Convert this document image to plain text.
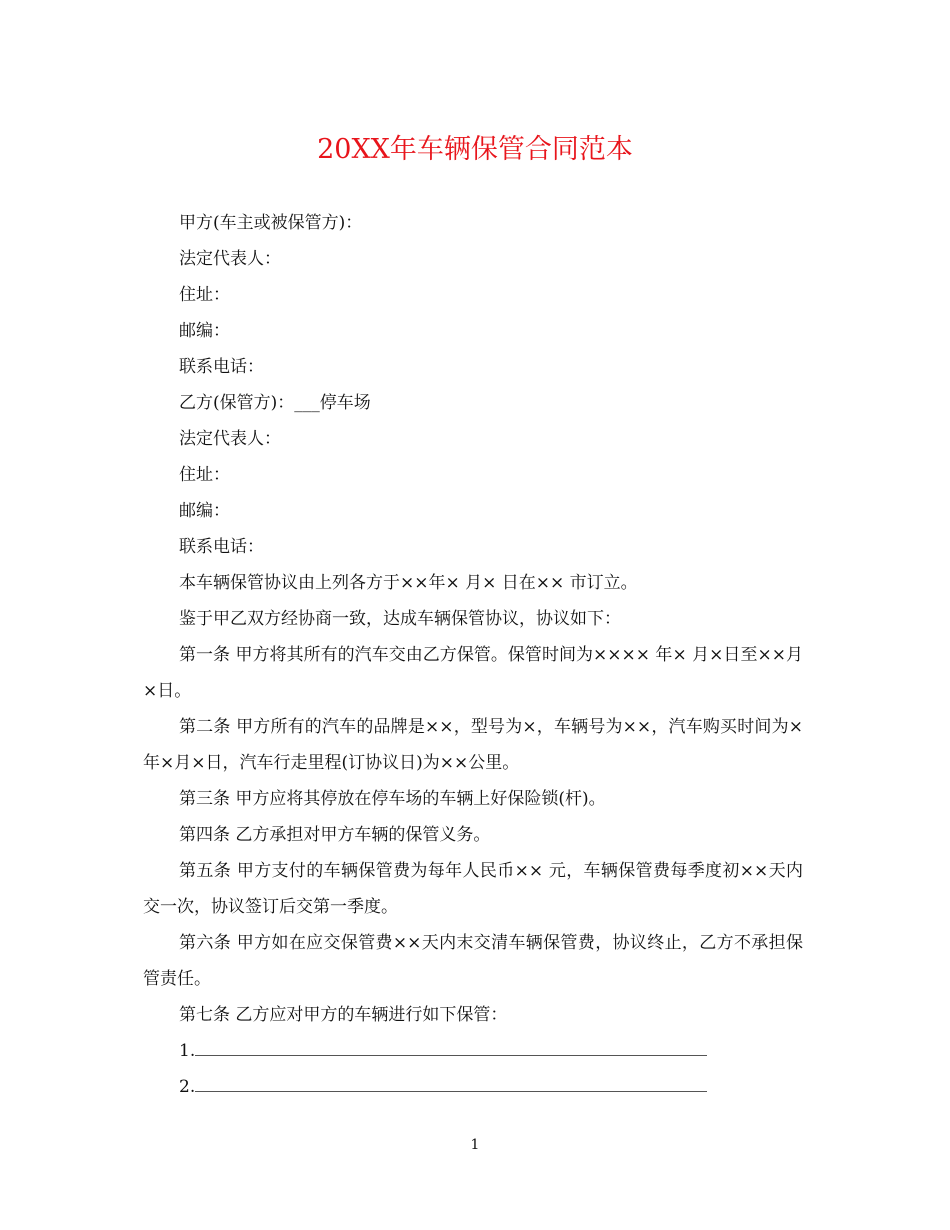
20XX年车辆保管合同范本

甲方(车主或被保管方)：

法定代表人：

住址：

邮编：

联系电话：

乙方(保管方)：___停车场

法定代表人：

住址：

邮编：

联系电话：

本车辆保管协议由上列各方于××年× 月× 日在×× 市订立。

鉴于甲乙双方经协商一致，达成车辆保管协议，协议如下：

第一条 甲方将其所有的汽车交由乙方保管。保管时间为×××× 年× 月×日至××月×日。

第二条 甲方所有的汽车的品牌是××，型号为×，车辆号为××，汽车购买时间为×年×月×日，汽车行走里程(订协议日)为××公里。

第三条 甲方应将其停放在停车场的车辆上好保险锁(杆)。

第四条 乙方承担对甲方车辆的保管义务。

第五条 甲方支付的车辆保管费为每年人民币×× 元，车辆保管费每季度初××天内交一次，协议签订后交第一季度。

第六条 甲方如在应交保管费××天内末交清车辆保管费，协议终止，乙方不承担保管责任。

第七条 乙方应对甲方的车辆进行如下保管：

1.

2.

1
